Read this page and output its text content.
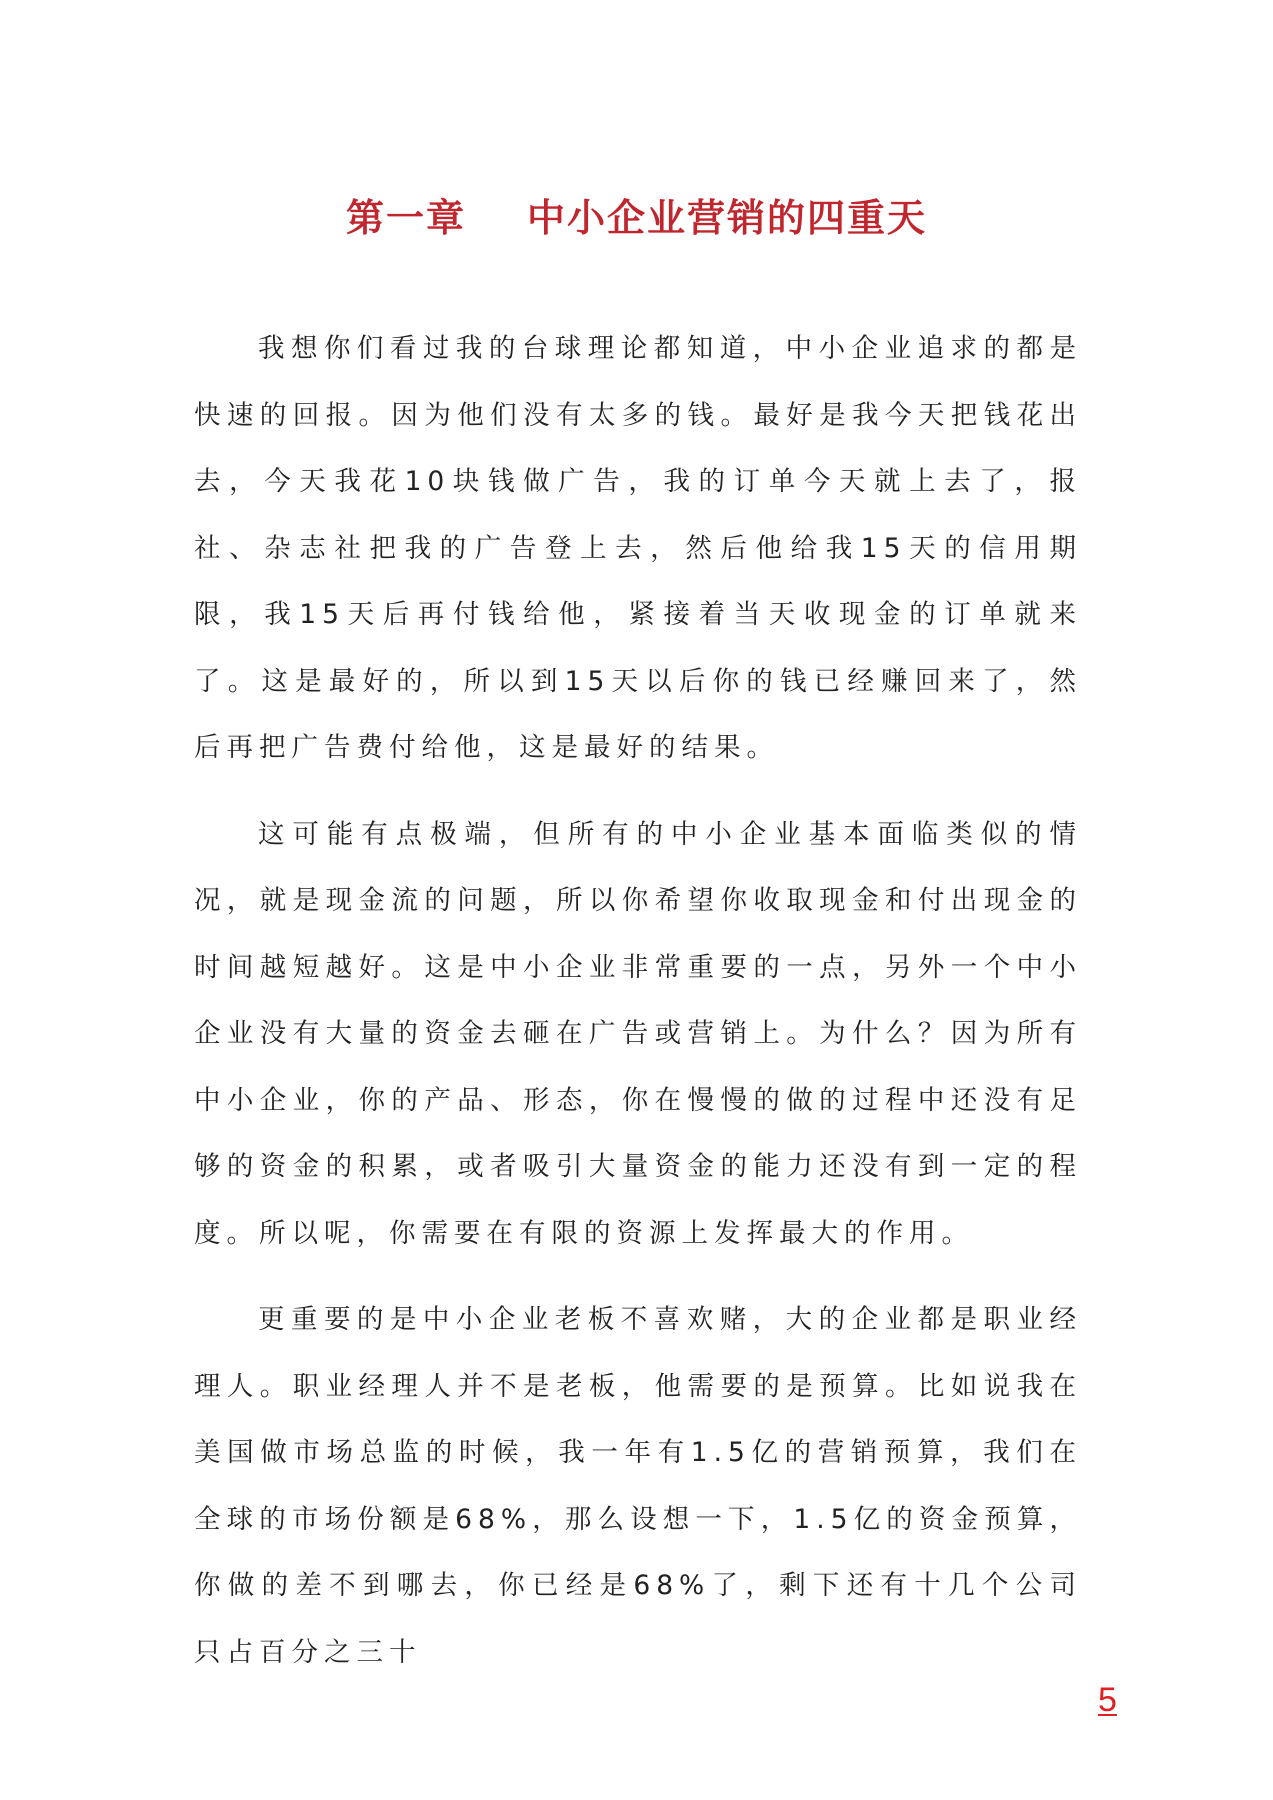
第一章    中小企业营销的四重天

我想你们看过我的台球理论都知道，中小企业追求的都是快速的回报。因为他们没有太多的钱。最好是我今天把钱花出去，今天我花10块钱做广告，我的订单今天就上去了，报社、杂志社把我的广告登上去，然后他给我15天的信用期限，我15天后再付钱给他，紧接着当天收现金的订单就来了。这是最好的，所以到15天以后你的钱已经赚回来了，然后再把广告费付给他，这是最好的结果。

这可能有点极端，但所有的中小企业基本面临类似的情况，就是现金流的问题，所以你希望你收取现金和付出现金的时间越短越好。这是中小企业非常重要的一点，另外一个中小企业没有大量的资金去砸在广告或营销上。为什么？因为所有中小企业，你的产品、形态，你在慢慢的做的过程中还没有足够的资金的积累，或者吸引大量资金的能力还没有到一定的程度。所以呢，你需要在有限的资源上发挥最大的作用。

更重要的是中小企业老板不喜欢赌，大的企业都是职业经理人。职业经理人并不是老板，他需要的是预算。比如说我在美国做市场总监的时候，我一年有1.5亿的营销预算，我们在全球的市场份额是68%，那么设想一下，1.5亿的资金预算，你做的差不到哪去，你已经是68%了，剩下还有十几个公司只占百分之三十

5
